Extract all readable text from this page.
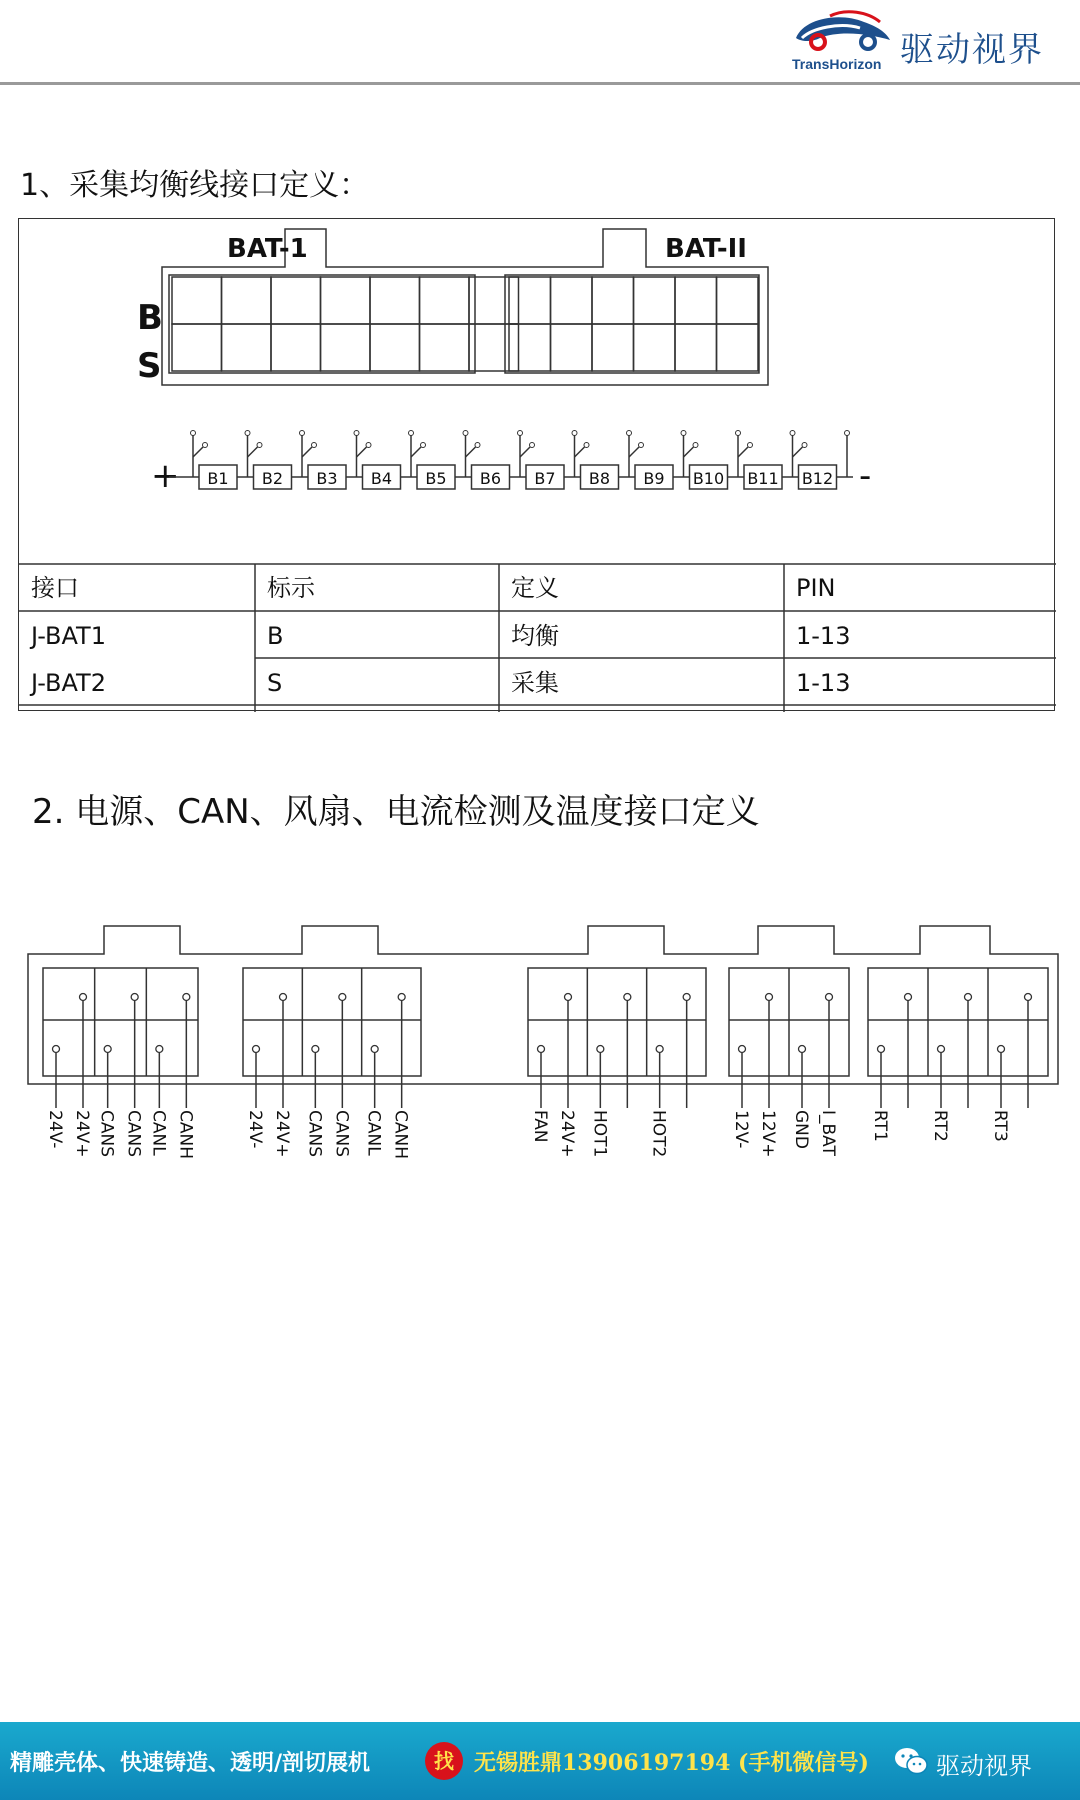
TransHorizon 驱动视界
1、采集均衡线接口定义：
BAT-1	BAT-II
B
S
+ B1 B2 B3 B4 B5 B6 B7 B8 B9 B10 B11 B12 -
接口	标示	定义	PIN
J-BAT1	B	均衡	1-13
J-BAT2	S	采集	1-13
2. 电源、CAN、风扇、电流检测及温度接口定义
24V- 24V+ CANS CANS CANL CANH	24V- 24V+ CANS CANS CANL CANH	FAN 24V+ HOT1 HOT2	12V- 12V+ GND I_BAT RT1 RT2 RT3
精雕壳体、快速铸造、透明/剖切展机	找 无锡胜鼎13906197194 (手机微信号)	驱动视界
